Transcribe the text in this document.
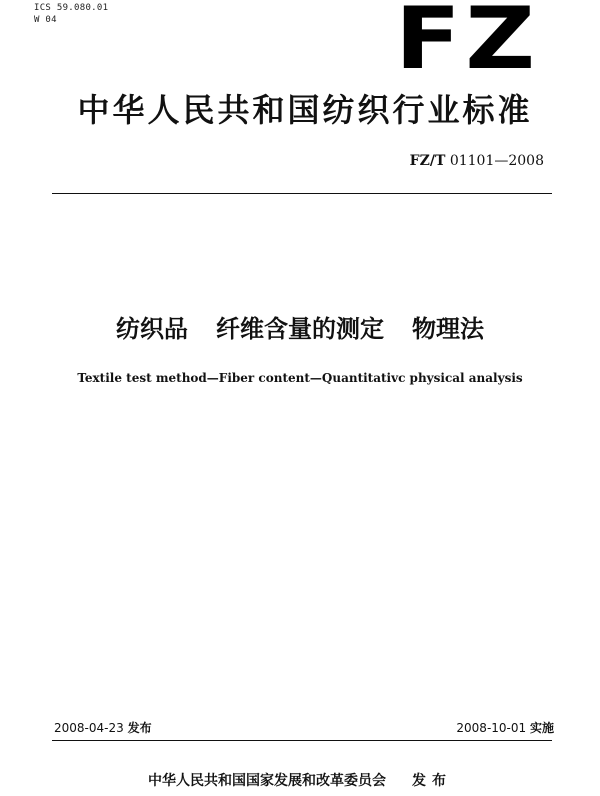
ICS 59.080.01
W 04	FZ
中华人民共和国纺织行业标准
FZ/T 01101—2008
纺织品 纤维含量的测定 物理法
Textile test method—Fiber content—Quantitativc physical analysis
2008-04-23 发布	2008-10-01 实施
中华人民共和国国家发展和改革委员会 发布
